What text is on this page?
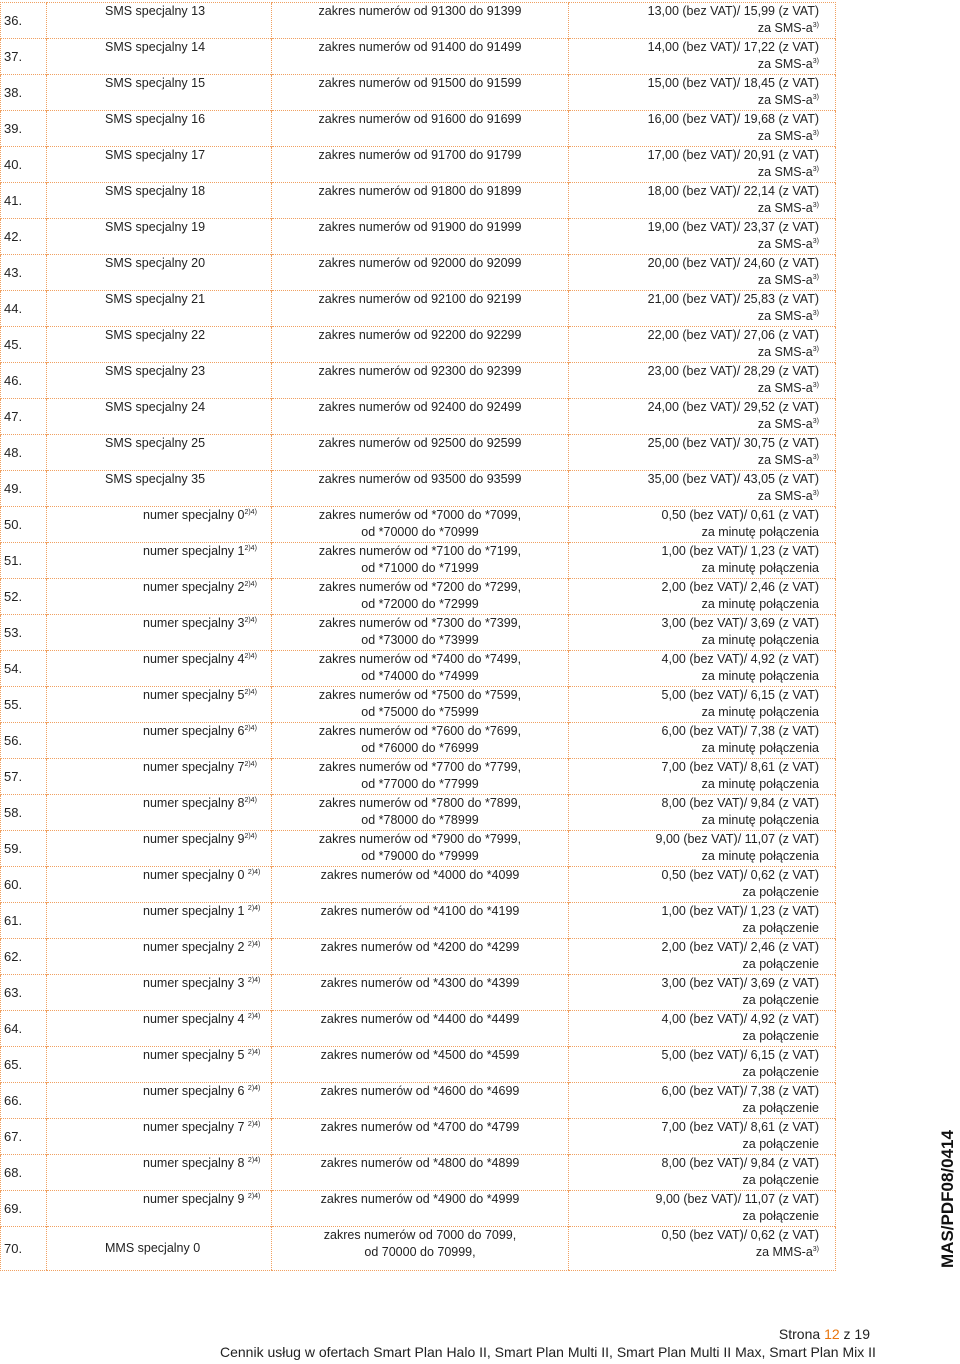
36.	SMS specjalny 13	zakres numerów od 91300 do 91399	13,00 (bez VAT)/ 15,99 (z VAT)
za SMS-$a^{3)}$

37.	SMS specjalny 14	zakres numerów od 91400 do 91499	14,00 (bez VAT)/ 17,22 (z VAT)
za SMS-$a^{3)}$

38.	SMS specjalny 15	zakres numerów od 91500 do 91599	15,00 (bez VAT)/ 18,45 (z VAT)
za SMS-$a^{3)}$

39.	SMS specjalny 16	zakres numerów od 91600 do 91699	16,00 (bez VAT)/ 19,68 (z VAT)
za SMS-$a^{3)}$

40.	SMS specjalny 17	zakres numerów od 91700 do 91799	17,00 (bez VAT)/ 20,91 (z VAT)
za SMS-$a^{3)}$

41.	SMS specjalny 18	zakres numerów od 91800 do 91899	18,00 (bez VAT)/ 22,14 (z VAT)
za SMS-$a^{3)}$

42.	SMS specjalny 19	zakres numerów od 91900 do 91999	19,00 (bez VAT)/ 23,37 (z VAT)
za SMS-$a^{3)}$

43.	SMS specjalny 20	zakres numerów od 92000 do 92099	20,00 (bez VAT)/ 24,60 (z VAT)
za SMS-$a^{3)}$

44.	SMS specjalny 21	zakres numerów od 92100 do 92199	21,00 (bez VAT)/ 25,83 (z VAT)
za SMS-$a^{3)}$

45.	SMS specjalny 22	zakres numerów od 92200 do 92299	22,00 (bez VAT)/ 27,06 (z VAT)
za SMS-$a^{3)}$

46.	SMS specjalny 23	zakres numerów od 92300 do 92399	23,00 (bez VAT)/ 28,29 (z VAT)
za SMS-$a^{3)}$

47.	SMS specjalny 24	zakres numerów od 92400 do 92499	24,00 (bez VAT)/ 29,52 (z VAT)
za SMS-$a^{3)}$

48.	SMS specjalny 25	zakres numerów od 92500 do 92599	25,00 (bez VAT)/ 30,75 (z VAT)
za SMS-$a^{3)}$

49.	SMS specjalny 35	zakres numerów od 93500 do 93599	35,00 (bez VAT)/ 43,05 (z VAT)
za SMS-$a^{3)}$

50.	numer specjalny $0^{2)4)}$	zakres numerów od *7000 do *7099,
od *70000 do *70999	0,50 (bez VAT)/ 0,61 (z VAT)
za minutę połączenia

51.	numer specjalny $1^{2)4)}$	zakres numerów od *7100 do *7199,
od *71000 do *71999	1,00 (bez VAT)/ 1,23 (z VAT)
za minutę połączenia

52.	numer specjalny $2^{2)4)}$	zakres numerów od *7200 do *7299,
od *72000 do *72999	2,00 (bez VAT)/ 2,46 (z VAT)
za minutę połączenia

53.	numer specjalny $3^{2)4)}$	zakres numerów od *7300 do *7399,
od *73000 do *73999	3,00 (bez VAT)/ 3,69 (z VAT)
za minutę połączenia

54.	numer specjalny $4^{2)4)}$	zakres numerów od *7400 do *7499,
od *74000 do *74999	4,00 (bez VAT)/ 4,92 (z VAT)
za minutę połączenia

55.	numer specjalny $5^{2)4)}$	zakres numerów od *7500 do *7599,
od *75000 do *75999	5,00 (bez VAT)/ 6,15 (z VAT)
za minutę połączenia

56.	numer specjalny $6^{2)4)}$	zakres numerów od *7600 do *7699,
od *76000 do *76999	6,00 (bez VAT)/ 7,38 (z VAT)
za minutę połączenia

57.	numer specjalny $7^{2)4)}$	zakres numerów od *7700 do *7799,
od *77000 do *77999	7,00 (bez VAT)/ 8,61 (z VAT)
za minutę połączenia

58.	numer specjalny $8^{2)4)}$	zakres numerów od *7800 do *7899,
od *78000 do *78999	8,00 (bez VAT)/ 9,84 (z VAT)
za minutę połączenia

59.	numer specjalny $9^{2)4)}$	zakres numerów od *7900 do *7999,
od *79000 do *79999	9,00 (bez VAT)/ 11,07 (z VAT)
za minutę połączenia

60.	numer specjalny 0 $^{2)4)}$	zakres numerów od *4000 do *4099	0,50 (bez VAT)/ 0,62 (z VAT)
za połączenie

61.	numer specjalny 1 $^{2)4)}$	zakres numerów od *4100 do *4199	1,00 (bez VAT)/ 1,23 (z VAT)
za połączenie

62.	numer specjalny 2 $^{2)4)}$	zakres numerów od *4200 do *4299	2,00 (bez VAT)/ 2,46 (z VAT)
za połączenie

63.	numer specjalny 3 $^{2)4)}$	zakres numerów od *4300 do *4399	3,00 (bez VAT)/ 3,69 (z VAT)
za połączenie

64.	numer specjalny 4 $^{2)4)}$	zakres numerów od *4400 do *4499	4,00 (bez VAT)/ 4,92 (z VAT)
za połączenie

65.	numer specjalny 5 $^{2)4)}$	zakres numerów od *4500 do *4599	5,00 (bez VAT)/ 6,15 (z VAT)
za połączenie

66.	numer specjalny 6 $^{2)4)}$	zakres numerów od *4600 do *4699	6,00 (bez VAT)/ 7,38 (z VAT)
za połączenie

67.	numer specjalny 7 $^{2)4)}$	zakres numerów od *4700 do *4799	7,00 (bez VAT)/ 8,61 (z VAT)
za połączenie

68.	numer specjalny 8 $^{2)4)}$	zakres numerów od *4800 do *4899	8,00 (bez VAT)/ 9,84 (z VAT)
za połączenie

69.	numer specjalny 9 $^{2)4)}$	zakres numerów od *4900 do *4999	9,00 (bez VAT)/ 11,07 (z VAT)
za połączenie

70.	MMS specjalny 0	zakres numerów od 7000 do 7099,
od 70000 do 70999,	0,50 (bez VAT)/ 0,62 (z VAT)
za MMS-$a^{3)}$	MAS/PDF08/0414
Strona 12 z 19
Cennik usług w ofertach Smart Plan Halo II, Smart Plan Multi II, Smart Plan Multi II Max, Smart Plan Mix II
